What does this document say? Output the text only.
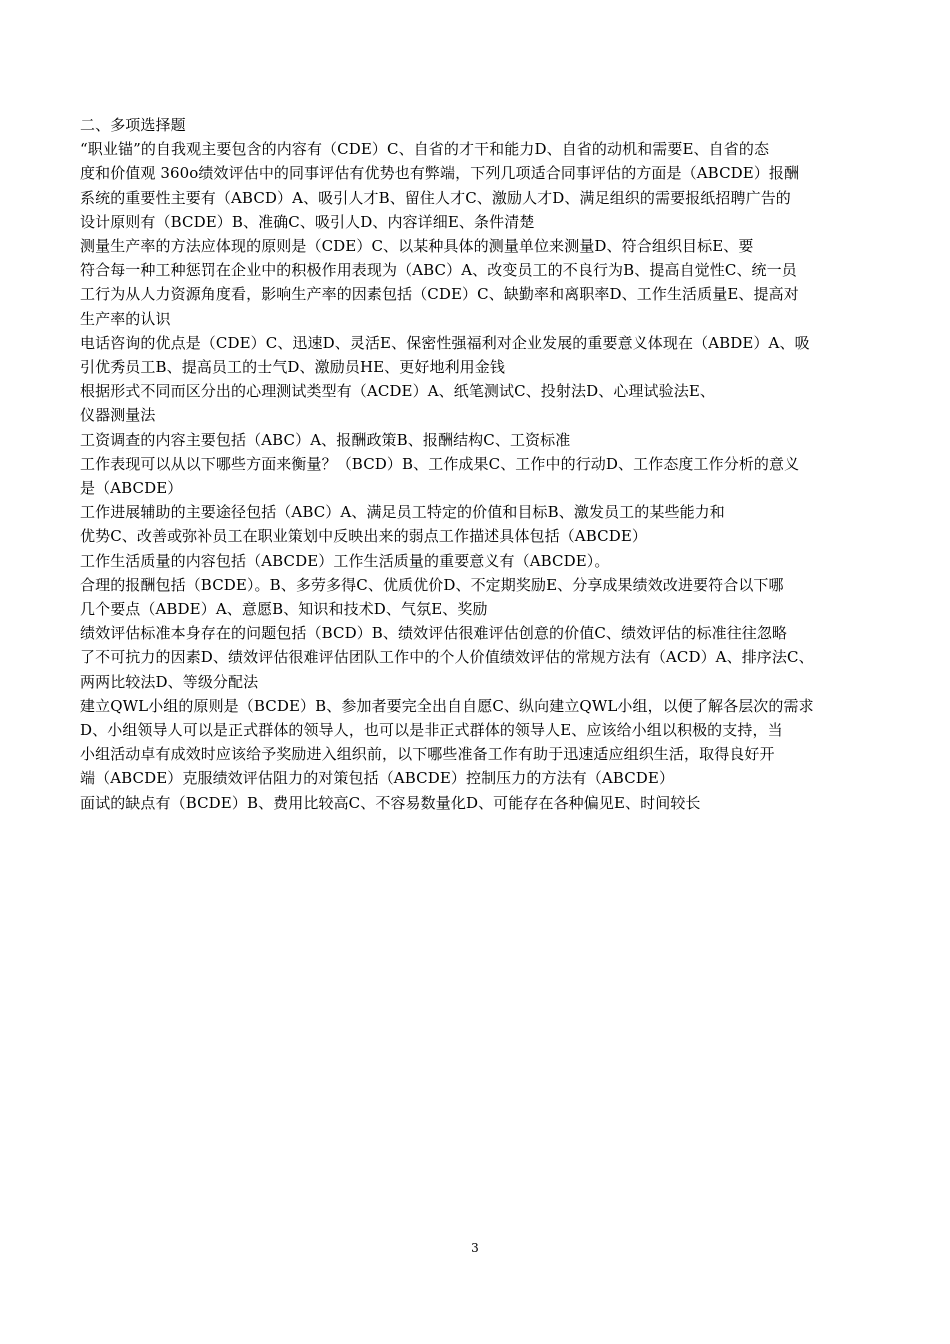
二、多项选择题
“职业锚”的自我观主要包含的内容有（CDE）C、自省的才干和能力D、自省的动机和需要E、自省的态
度和价值观 360o绩效评估中的同事评估有优势也有弊端，下列几项适合同事评估的方面是（ABCDE）报酬
系统的重要性主要有（ABCD）A、吸引人才B、留住人才C、激励人才D、满足组织的需要报纸招聘广告的
设计原则有（BCDE）B、准确C、吸引人D、内容详细E、条件清楚
测量生产率的方法应体现的原则是（CDE）C、以某种具体的测量单位来测量D、符合组织目标E、要
符合每一种工种惩罚在企业中的积极作用表现为（ABC）A、改变员工的不良行为B、提高自觉性C、统一员
工行为从人力资源角度看，影响生产率的因素包括（CDE）C、缺勤率和离职率D、工作生活质量E、提高对
生产率的认识
电话咨询的优点是（CDE）C、迅速D、灵活E、保密性强福利对企业发展的重要意义体现在（ABDE）A、吸
引优秀员工B、提高员工的士气D、激励员HE、更好地利用金钱
根据形式不同而区分出的心理测试类型有（ACDE）A、纸笔测试C、投射法D、心理试验法E、
仪器测量法
工资调查的内容主要包括（ABC）A、报酬政策B、报酬结构C、工资标准
工作表现可以从以下哪些方面来衡量？（BCD）B、工作成果C、工作中的行动D、工作态度工作分析的意义
是（ABCDE）
工作进展辅助的主要途径包括（ABC）A、满足员工特定的价值和目标B、激发员工的某些能力和
优势C、改善或弥补员工在职业策划中反映出来的弱点工作描述具体包括（ABCDE）
工作生活质量的内容包括（ABCDE）工作生活质量的重要意义有（ABCDE）。
合理的报酬包括（BCDE）。B、多劳多得C、优质优价D、不定期奖励E、分享成果绩效改进要符合以下哪
几个要点（ABDE）A、意愿B、知识和技术D、气氛E、奖励
绩效评估标准本身存在的问题包括（BCD）B、绩效评估很难评估创意的价值C、绩效评估的标准往往忽略
了不可抗力的因素D、绩效评估很难评估团队工作中的个人价值绩效评估的常规方法有（ACD）A、排序法C、
两两比较法D、等级分配法
建立QWL小组的原则是（BCDE）B、参加者要完全出自自愿C、纵向建立QWL小组，以便了解各层次的需求
D、小组领导人可以是正式群体的领导人，也可以是非正式群体的领导人E、应该给小组以积极的支持，当
小组活动卓有成效时应该给予奖励进入组织前，以下哪些准备工作有助于迅速适应组织生活，取得良好开
端（ABCDE）克服绩效评估阻力的对策包括（ABCDE）控制压力的方法有（ABCDE）
面试的缺点有（BCDE）B、费用比较高C、不容易数量化D、可能存在各种偏见E、时间较长
3
